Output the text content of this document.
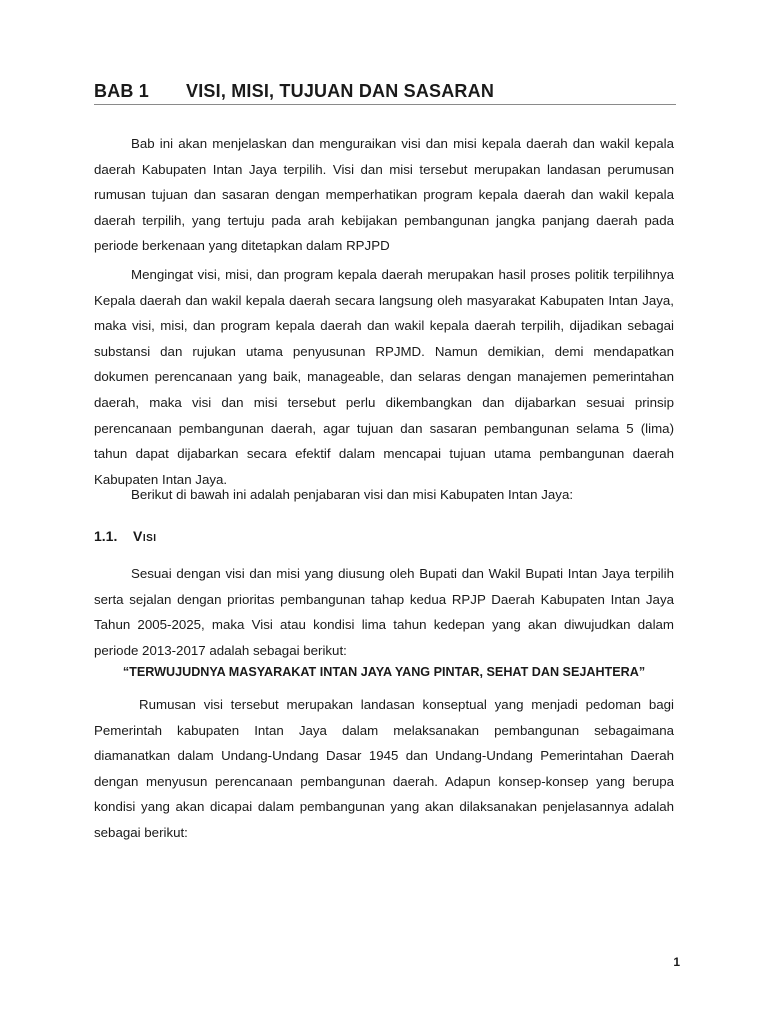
BAB 1 VISI, MISI, TUJUAN DAN SASARAN

Bab ini akan menjelaskan dan menguraikan visi dan misi kepala daerah dan wakil kepala daerah Kabupaten Intan Jaya terpilih. Visi dan misi tersebut merupakan landasan perumusan rumusan tujuan dan sasaran dengan memperhatikan program kepala daerah dan wakil kepala daerah terpilih, yang tertuju pada arah kebijakan pembangunan jangka panjang daerah pada periode berkenaan yang ditetapkan dalam RPJPD

Mengingat visi, misi, dan program kepala daerah merupakan hasil proses politik terpilihnya Kepala daerah dan wakil kepala daerah secara langsung oleh masyarakat Kabupaten Intan Jaya, maka visi, misi, dan program kepala daerah dan wakil kepala daerah terpilih, dijadikan sebagai substansi dan rujukan utama penyusunan RPJMD. Namun demikian, demi mendapatkan dokumen perencanaan yang baik, manageable, dan selaras dengan manajemen pemerintahan daerah, maka visi dan misi tersebut perlu dikembangkan dan dijabarkan sesuai prinsip perencanaan pembangunan daerah, agar tujuan dan sasaran pembangunan selama 5 (lima) tahun dapat dijabarkan secara efektif dalam mencapai tujuan utama pembangunan daerah Kabupaten Intan Jaya.

Berikut di bawah ini adalah penjabaran visi dan misi Kabupaten Intan Jaya:

1.1. Visi

Sesuai dengan visi dan misi yang diusung oleh Bupati dan Wakil Bupati Intan Jaya terpilih serta sejalan dengan prioritas pembangunan tahap kedua RPJP Daerah Kabupaten Intan Jaya Tahun 2005-2025, maka Visi atau kondisi lima tahun kedepan yang akan diwujudkan dalam periode 2013-2017 adalah sebagai berikut:

“TERWUJUDNYA MASYARAKAT INTAN JAYA YANG PINTAR, SEHAT DAN SEJAHTERA”

Rumusan visi tersebut merupakan landasan konseptual yang menjadi pedoman bagi Pemerintah kabupaten Intan Jaya dalam melaksanakan pembangunan sebagaimana diamanatkan dalam Undang-Undang Dasar 1945 dan Undang-Undang Pemerintahan Daerah dengan menyusun perencanaan pembangunan daerah. Adapun konsep-konsep yang berupa kondisi yang akan dicapai dalam pembangunan yang akan dilaksanakan penjelasannya adalah sebagai berikut:

1
